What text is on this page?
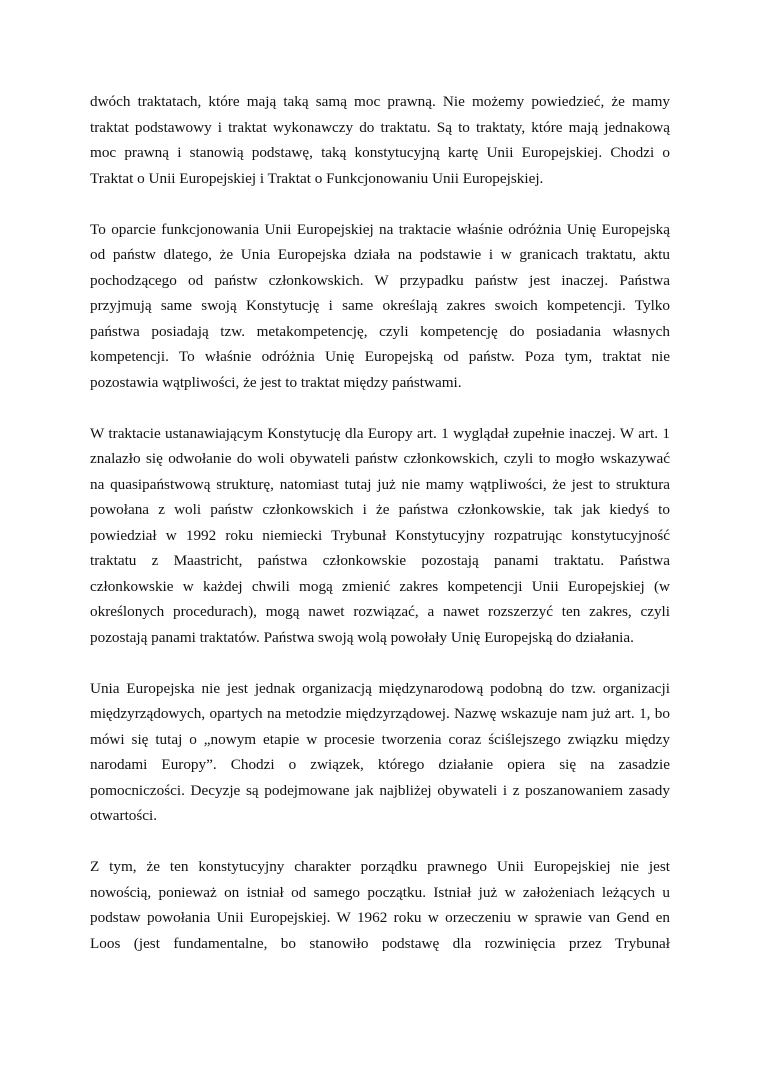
dwóch traktatach, które mają taką samą moc prawną. Nie możemy powiedzieć, że mamy
traktat podstawowy i traktat wykonawczy do traktatu. Są to traktaty, które mają jednakową
moc prawną i stanowią podstawę, taką konstytucyjną kartę Unii Europejskiej. Chodzi o
Traktat o Unii Europejskiej i Traktat o Funkcjonowaniu Unii Europejskiej.

To oparcie funkcjonowania Unii Europejskiej na traktacie właśnie odróżnia Unię Europejską
od państw dlatego, że Unia Europejska działa na podstawie i w granicach traktatu, aktu
pochodzącego od państw członkowskich. W przypadku państw jest inaczej. Państwa
przyjmują same swoją Konstytucję i same określają zakres swoich kompetencji. Tylko
państwa posiadają tzw. metakompetencję, czyli kompetencję do posiadania własnych
kompetencji. To właśnie odróżnia Unię Europejską od państw. Poza tym, traktat nie
pozostawia wątpliwości, że jest to traktat między państwami.

W traktacie ustanawiającym Konstytucję dla Europy art. 1 wyglądał zupełnie inaczej. W art. 1
znalazło się odwołanie do woli obywateli państw członkowskich, czyli to mogło wskazywać
na quasipaństwową strukturę, natomiast tutaj już nie mamy wątpliwości, że jest to struktura
powołana z woli państw członkowskich i że państwa członkowskie, tak jak kiedyś to
powiedział w 1992 roku niemiecki Trybunał Konstytucyjny rozpatrując konstytucyjność
traktatu z Maastricht, państwa członkowskie pozostają panami traktatu. Państwa
członkowskie w każdej chwili mogą zmienić zakres kompetencji Unii Europejskiej (w
określonych procedurach), mogą nawet rozwiązać, a nawet rozszerzyć ten zakres, czyli
pozostają panami traktatów. Państwa swoją wolą powołały Unię Europejską do działania.

Unia Europejska nie jest jednak organizacją międzynarodową podobną do tzw. organizacji
międzyrządowych, opartych na metodzie międzyrządowej. Nazwę wskazuje nam już art. 1, bo
mówi się tutaj o „nowym etapie w procesie tworzenia coraz ściślejszego związku między
narodami Europy”. Chodzi o związek, którego działanie opiera się na zasadzie
pomocniczości. Decyzje są podejmowane jak najbliżej obywateli i z poszanowaniem zasady
otwartości.

Z tym, że ten konstytucyjny charakter porządku prawnego Unii Europejskiej nie jest
nowością, ponieważ on istniał od samego początku. Istniał już w założeniach leżących u
podstaw powołania Unii Europejskiej. W 1962 roku w orzeczeniu w sprawie van Gend en
Loos (jest fundamentalne, bo stanowiło podstawę dla rozwinięcia przez Trybunał
